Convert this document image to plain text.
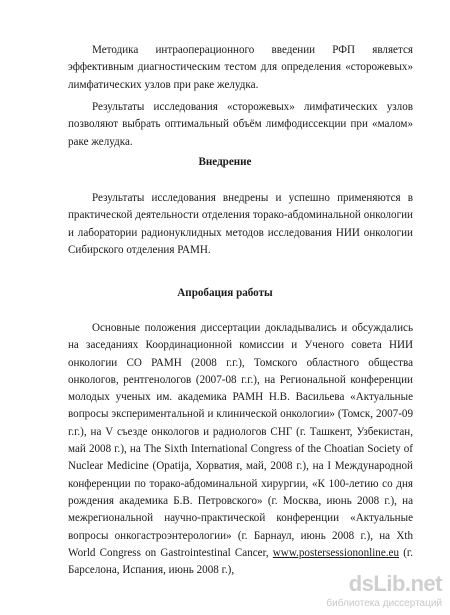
Методика интраоперационного введении РФП является эффективным диагностическим тестом для определения «сторожевых» лимфатических узлов при раке желудка.

Результаты исследования «сторожевых» лимфатических узлов позволяют выбрать оптимальный объём лимфодиссекции при «малом» раке желудка.

Внедрение

Результаты исследования внедрены и успешно применяются в практической деятельности отделения торако-абдоминальной онкологии и лаборатории радионуклидных методов исследования НИИ онкологии Сибирского отделения РАМН.

Апробация работы

Основные положения диссертации докладывались и обсуждались на заседаниях Координационной комиссии и Ученого совета НИИ онкологии СО РАМН (2008 г.г.), Томского областного общества онкологов, рентгенологов (2007-08 г.г.), на Региональной конференции молодых ученых им. академика РАМН Н.В. Васильева «Актуальные вопросы экспериментальной и клинической онкологии» (Томск, 2007-09 г.г.), на V съезде онкологов и радиологов СНГ (г. Ташкент, Узбекистан, май 2008 г.), на The Sixth International Congress of the Choatian Society of Nuclear Medicine (Opatija, Хорватия, май, 2008 г.), на I Международной конференции по торако-абдоминальной хирургии, «К 100-летию со дня рождения академика Б.В. Петровского» (г. Москва, июнь 2008 г.), на межрегиональной научно-практической конференции «Актуальные вопросы онкогастроэнтерологии» (г. Барнаул, июнь 2008 г.), на Xth World Congress on Gastrointestinal Cancer, www.postersessiononline.eu (г. Барселона, Испания, июнь 2008 г.),

dsLib.net
библиотека диссертаций
